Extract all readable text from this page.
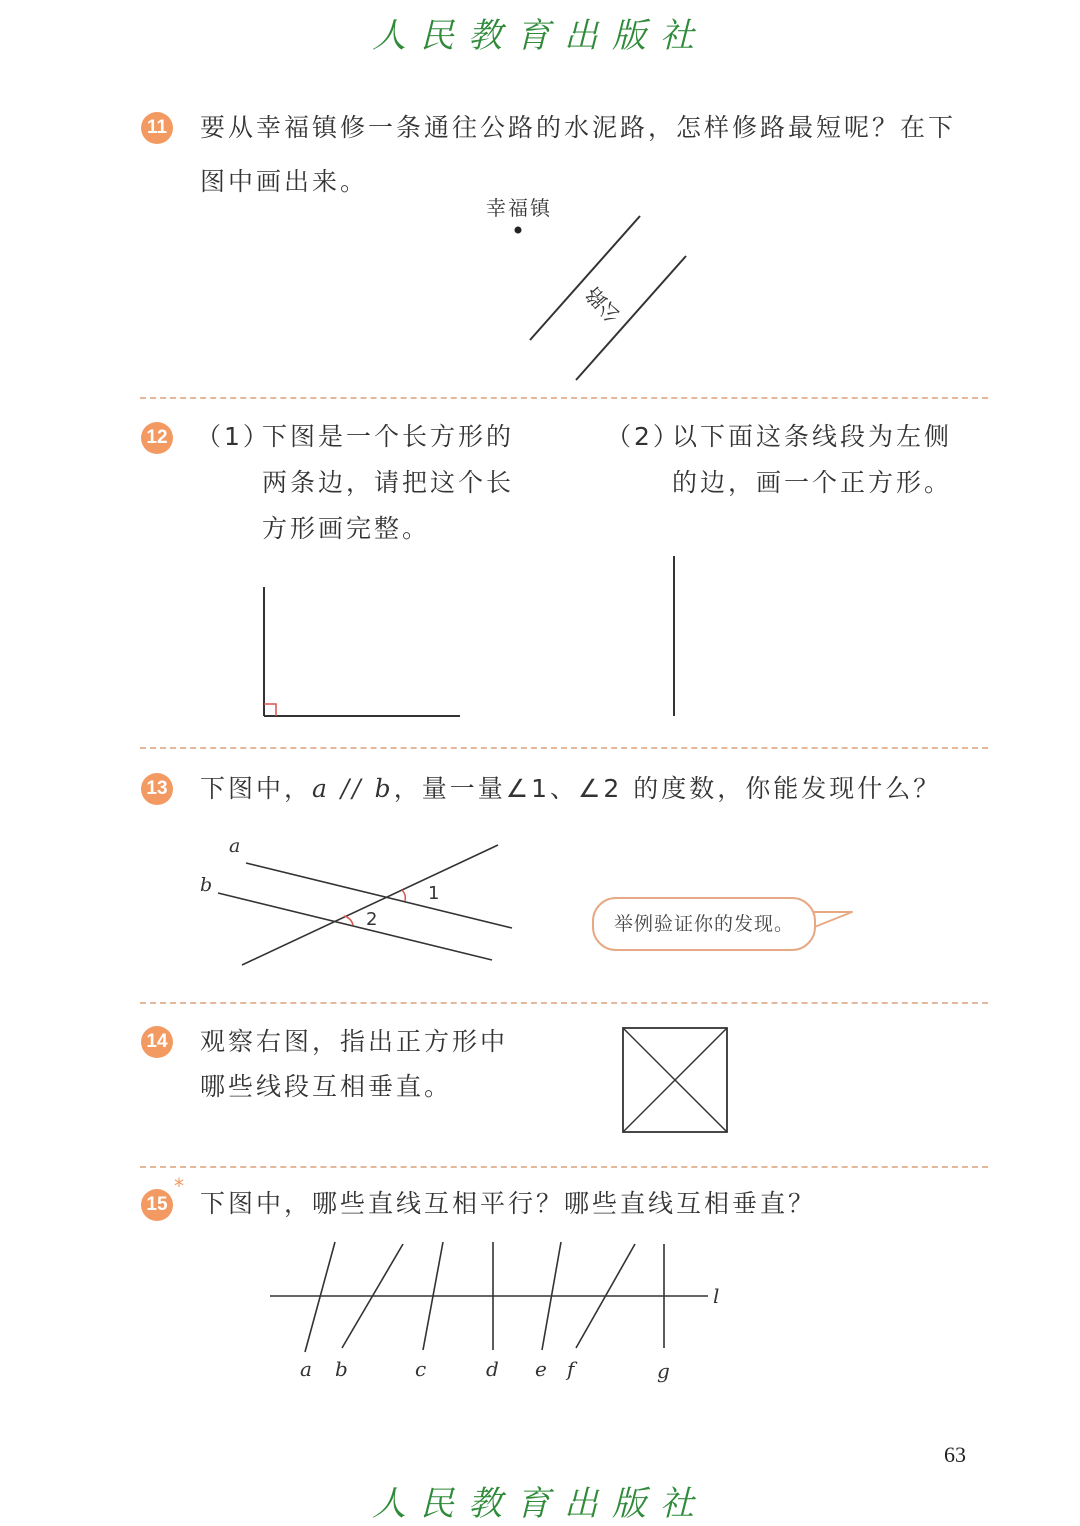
人民教育出版社
11 要从幸福镇修一条通往公路的水泥路，怎样修路最短呢？在下
图中画出来。
幸福镇
公路
12 （1）
下图是一个长方形的
两条边，请把这个长
方形画完整。
（2）
以下面这条线段为左侧
的边，画一个正方形。
13 下图中，a // b，量一量∠1、∠2 的度数，你能发现什么？
a
b	1
2	举例验证你的发现。
14 观察右图，指出正方形中
哪些线段互相垂直。
15
*
下图中，哪些直线互相平行？哪些直线互相垂直？
l
a b	c	d e f	g
63
人民教育出版社
